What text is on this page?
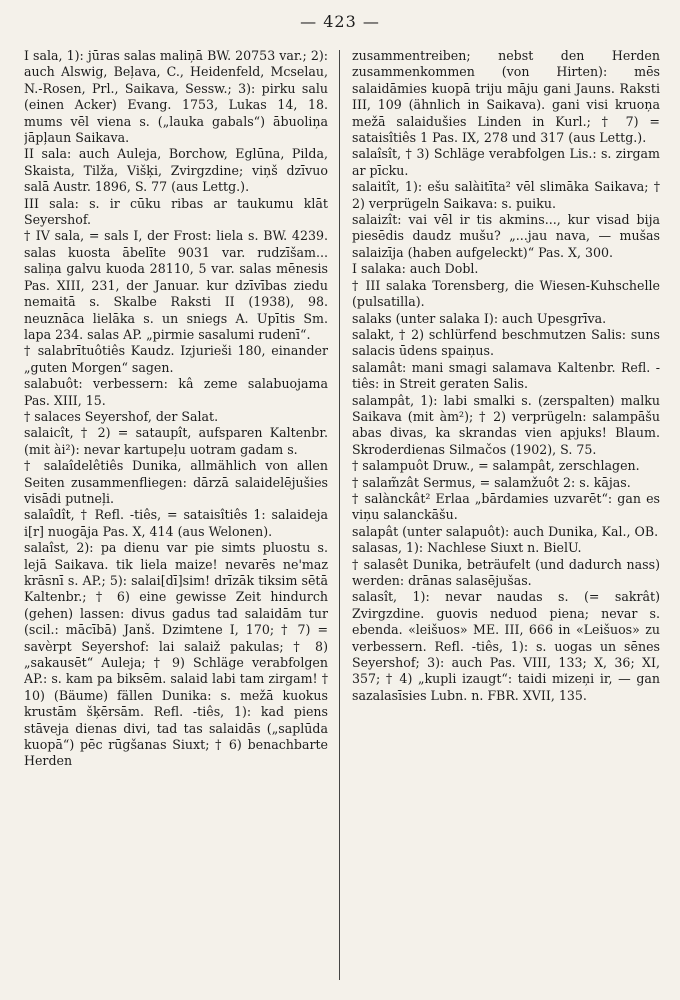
— 423 —

I sala, 1): jūras salas maliņā BW. 20753 var.; 2): auch Alswig, Beļava, C., Heidenfeld, Mcselau, N.-Rosen, Prl., Saikava, Sessw.; 3): pirku salu (einen Acker) Evang. 1753, Lukas 14, 18. mums vēl viena s. („lauka gabals“) ābuoliņa jāpļaun Saikava.

II sala: auch Auleja, Borchow, Eglūna, Pilda, Skaista, Tilža, Višķi, Zvirgzdine; viņš dzīvuo salā Austr. 1896, S. 77 (aus Lettg.).

III sala: s. ir cūku ribas ar taukumu klāt Seyershof.

† IV sala, = sals I, der Frost: liela s. BW. 4239. salas kuosta ābelīte 9031 var. rudzīšam... saliņa galvu kuoda 28110, 5 var. salas mēnesis Pas. XIII, 231, der Januar. kur dzīvības ziedu nemaitā s. Skalbe Raksti II (1938), 98. neuznāca lielāka s. un sniegs A. Upītis Sm. lapa 234. salas AP. „pirmie sasalumi rudenī“.

† salabrītuôtiês Kaudz. Izjurieši 180, einander „guten Morgen“ sagen.

salabuôt: verbessern: kâ zeme salabuojama Pas. XIII, 15.

† salaces Seyershof, der Salat.

salaicît, † 2) = sataupît, aufsparen Kaltenbr. (mit ài²): nevar kartupeļu uotram gadam s.

† salaîdelêtiês Dunika, allmählich von allen Seiten zusammenfliegen: dārzā salaidelējušies visādi putneļi.

salaîdît, † Refl. -tiês, = sataisîtiês 1: salaideja i[r] nuogāja Pas. X, 414 (aus Welonen).

salaîst, 2): pa dienu var pie simts pluostu s. lejā Saikava. tik liela maize! nevarēs ne'maz krāsnī s. AP.; 5): salai[dī]sim! drīzāk tiksim sētā Kaltenbr.; † 6) eine gewisse Zeit hindurch (gehen) lassen: divus gadus tad salaidām tur (scil.: mācībā) Janš. Dzimtene I, 170; † 7) = savèrpt Seyershof: lai salaiž pakulas; † 8) „sakausēt“ Auleja; † 9) Schläge verabfolgen AP.: s. kam pa biksēm. salaid labi tam zirgam! † 10) (Bäume) fällen Dunika: s. mežā kuokus krustām šķērsām. Refl. -tiês, 1): kad piens stāveja dienas divi, tad tas salaidās („saplūda kuopā“) pēc rūgšanas Siuxt; † 6) benachbarte Herden

zusammentreiben; nebst den Herden zusammenkommen (von Hirten): mēs salaidāmies kuopā triju māju gani Jauns. Raksti III, 109 (ähnlich in Saikava). gani visi kruoņa mežā salaidušies Linden in Kurl.; † 7) = sataisîtiês 1 Pas. IX, 278 und 317 (aus Lettg.).

salaîsît, † 3) Schläge verabfolgen Lis.: s. zirgam ar pīcku.

salaitît, 1): ešu salàitīta² vēl slimāka Saikava; † 2) verprügeln Saikava: s. puiku.

salaizît: vai vēl ir tis akmins..., kur visad bija piesēdis daudz mušu? „...jau nava, — mušas salaizīja (haben aufgeleckt)“ Pas. X, 300.

I salaka: auch Dobl.

† III salaka Torensberg, die Wiesen-Kuhschelle (pulsatilla).

salaks (unter salaka I): auch Upesgrīva.

salakt, † 2) schlürfend beschmutzen Salis: suns salacis ūdens spaiņus.

salamât: mani smagi salamava Kaltenbr. Refl. -tiês: in Streit geraten Salis.

salampât, 1): labi smalki s. (zerspalten) malku Saikava (mit àm²); † 2) verprügeln: salampāšu abas divas, ka skrandas vien apjuks! Blaum. Skroderdienas Silmačos (1902), S. 75.

† salampuôt Druw., = salampât, zerschlagen.

† salam̃zât Sermus, = salamžuôt 2: s. kājas.

† salànckât² Erlaa „bārdamies uzvarēt“: gan es viņu salanckāšu.

salapât (unter salapuôt): auch Dunika, Kal., OB.

salasas, 1): Nachlese Siuxt n. BielU.

† salasêt Dunika, beträufelt (und dadurch nass) werden: drānas salasējušas.

salasît, 1): nevar naudas s. (= sakrât) Zvirgzdine. guovis neduod piena; nevar s. ebenda. «leišuos» ME. III, 666 in «Leišuos» zu verbessern. Refl. -tiês, 1): s. uogas un sēnes Seyershof; 3): auch Pas. VIII, 133; X, 36; XI, 357; † 4) „kupli izaugt“: taidi mizeņi ir, — gan sazalasīsies Lubn. n. FBR. XVII, 135.
